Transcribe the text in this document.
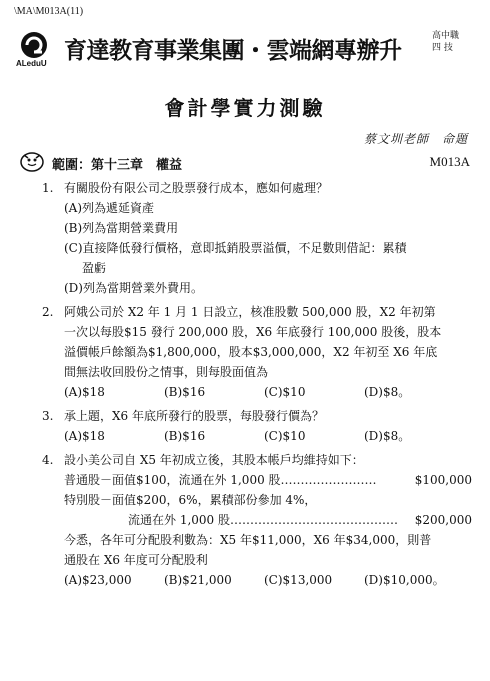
\MA\M013A(11)
ALeduU 育達教育事業集團・雲端網專辦升
高中職
四 技
會計學實力測驗
蔡文圳老師　命題
範圍：第十三章　權益	M013A
1. 有關股份有限公司之股票發行成本，應如何處理？
(A)列為遞延資產
(B)列為當期營業費用
(C)直接降低發行價格，意即抵銷股票溢價，不足數則借記：累積
盈虧
(D)列為當期營業外費用。
2. 阿娥公司於 X2 年 1 月 1 日設立，核准股數 500,000 股，X2 年初第
一次以每股$15 發行 200,000 股，X6 年底發行 100,000 股後，股本
溢價帳戶餘額為$1,800,000，股本$3,000,000，X2 年初至 X6 年底
間無法收回股份之情事，則每股面值為
(A)$18	(B)$16	(C)$10	(D)$8。
3. 承上題，X6 年底所發行的股票，每股發行價為？
(A)$18	(B)$16	(C)$10	(D)$8。
4. 設小美公司自 X5 年初成立後，其股本帳戶均維持如下：
普通股－面值$100，流通在外 1,000 股……………………	$100,000
特別股－面值$200，6%，累積部份參加 4%，
流通在外 1,000 股…………………………………… $200,000
今悉，各年可分配股利數為：X5 年$11,000，X6 年$34,000，則普
通股在 X6 年度可分配股利
(A)$23,000	(B)$21,000	(C)$13,000	(D)$10,000。
